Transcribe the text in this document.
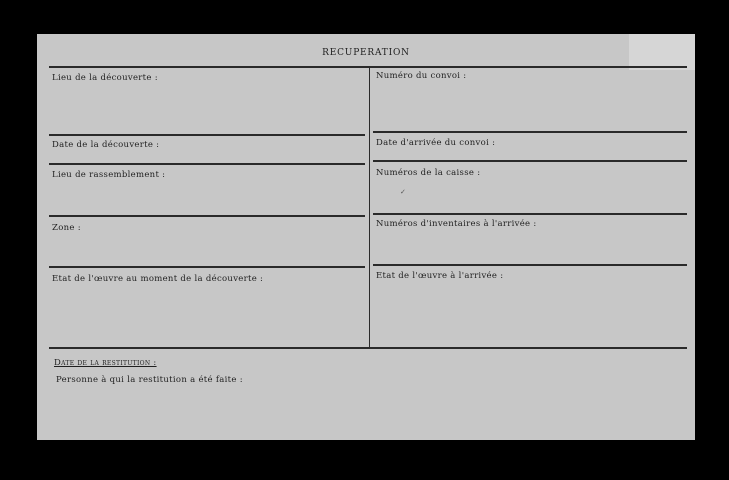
RECUPERATION
Lieu de la découverte :
Date de la découverte :
Lieu de rassemblement :
Zone :
Etat de l'œuvre au moment de la découverte :
Numéro du convoi :
Date d'arrivée du convoi :
Numéros de la caisse :
Numéros d'inventaires à l'arrivée :
Etat de l'œuvre à l'arrivée :
Date de la restitution :
Personne à qui la restitution a été faite :
✓
